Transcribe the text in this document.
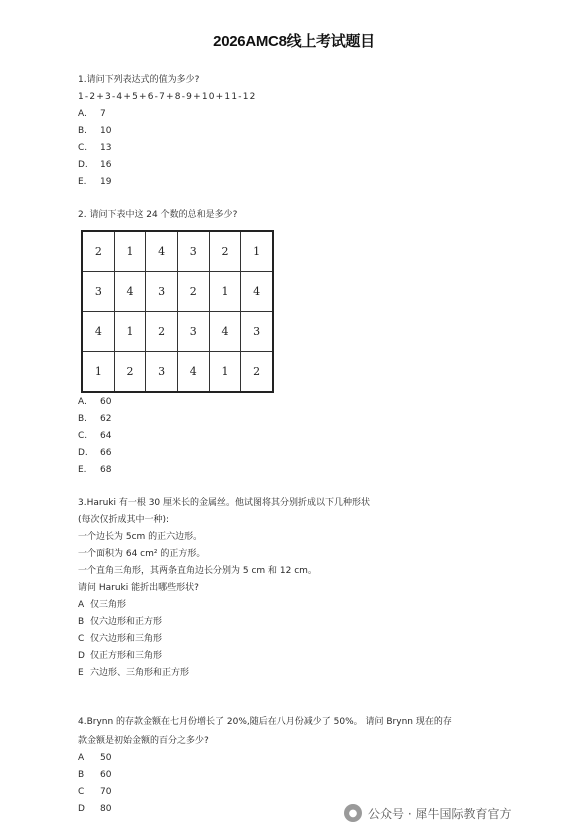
2026AMC8线上考试题目
1.请问下列表达式的值为多少?
1-2+3-4+5+6-7+8-9+10+11-12
A. 7
B. 10
C. 13
D. 16
E. 19
2. 请问下表中这 24 个数的总和是多少?
2	1	4	3	2	1
3	4	3	2	1	4
4	1	2	3	4	3
1	2	3	4	1	2
A. 60
B. 62
C. 64
D. 66
E. 68
3.Haruki 有一根 30 厘米长的金属丝。他试图将其分别折成以下几种形状
(每次仅折成其中一种):
一个边长为 5cm 的正六边形。
一个面积为 64 cm² 的正方形。
一个直角三角形，其两条直角边长分别为 5 cm 和 12 cm。
请问 Haruki 能折出哪些形状?
A 仅三角形
B 仅六边形和正方形
C 仅六边形和三角形
D 仅正方形和三角形
E 六边形、三角形和正方形
4.Brynn 的存款金额在七月份增长了 20%,随后在八月份减少了 50%。 请问 Brynn 现在的存
款金额是初始金额的百分之多少?
A 50
B 60
C 70
D 80	● 公众号 · 犀牛国际教育官方
